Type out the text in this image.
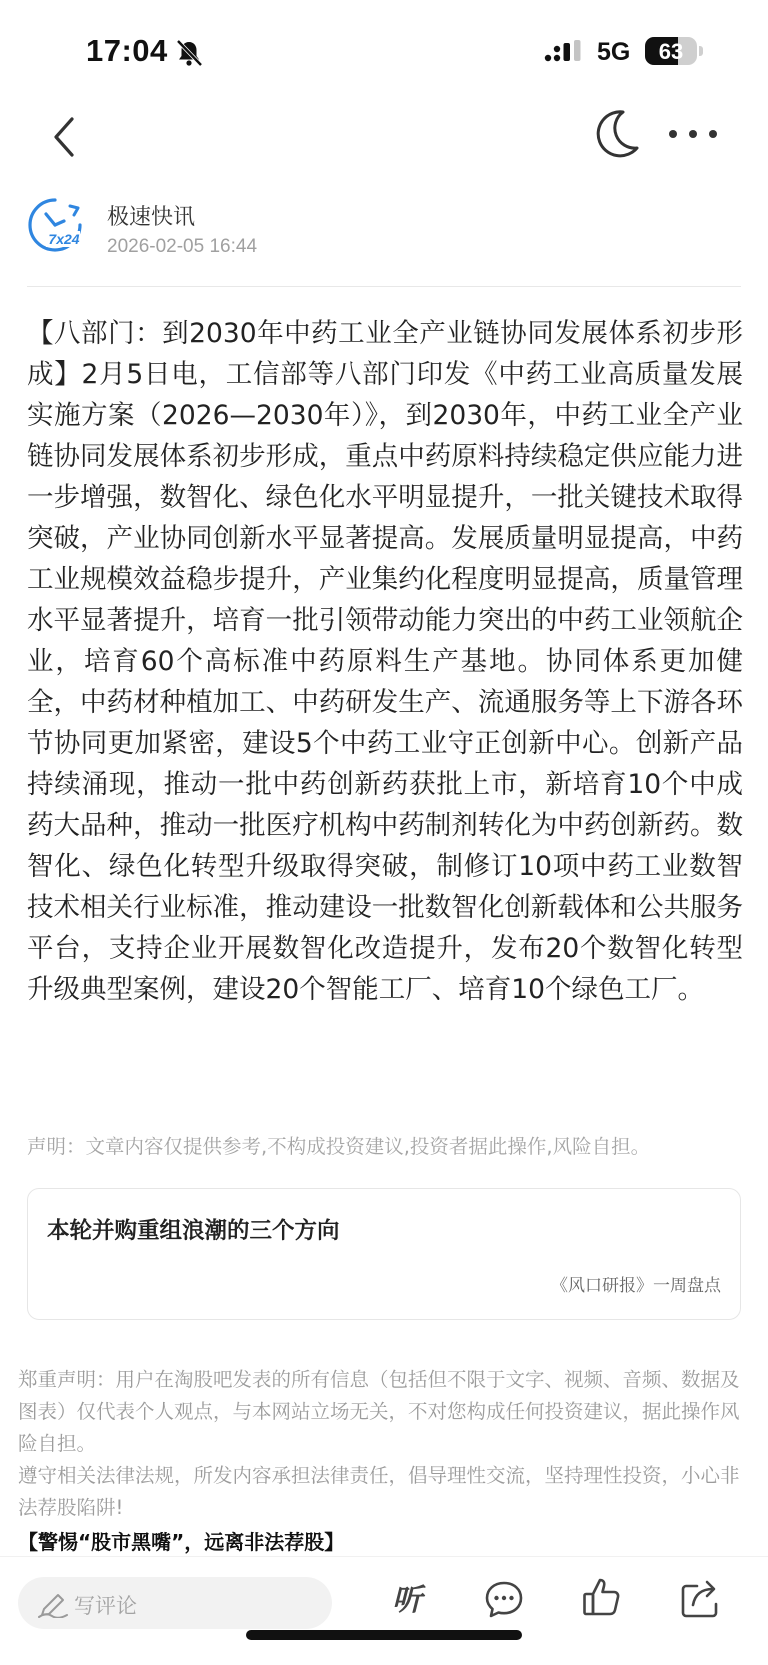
17:04	5G	63
7x24
极速快讯
2026-02-05 16:44
【八部门：到2030年中药工业全产业链协同发展体系初步形成】2月5日电，工信部等八部门印发《中药工业高质量发展实施方案（2026—2030年）》，到2030年，中药工业全产业链协同发展体系初步形成，重点中药原料持续稳定供应能力进一步增强，数智化、绿色化水平明显提升，一批关键技术取得突破，产业协同创新水平显著提高。发展质量明显提高，中药工业规模效益稳步提升，产业集约化程度明显提高，质量管理水平显著提升，培育一批引领带动能力突出的中药工业领航企业，培育60个高标准中药原料生产基地。协同体系更加健全，中药材种植加工、中药研发生产、流通服务等上下游各环节协同更加紧密，建设5个中药工业守正创新中心。创新产品持续涌现，推动一批中药创新药获批上市，新培育10个中成药大品种，推动一批医疗机构中药制剂转化为中药创新药。数智化、绿色化转型升级取得突破，制修订10项中药工业数智技术相关行业标准，推动建设一批数智化创新载体和公共服务平台，支持企业开展数智化改造提升，发布20个数智化转型升级典型案例，建设20个智能工厂、培育10个绿色工厂。
声明：文章内容仅提供参考,不构成投资建议,投资者据此操作,风险自担。
本轮并购重组浪潮的三个方向
《风口研报》一周盘点

郑重声明：用户在淘股吧发表的所有信息（包括但不限于文字、视频、音频、数据及图表）仅代表个人观点，与本网站立场无关，不对您构成任何投资建议，据此操作风险自担。

遵守相关法律法规，所发内容承担法律责任，倡导理性交流，坚持理性投资，小心非法荐股陷阱!

【警惕“股市黑嘴”，远离非法荐股】
写评论	听
